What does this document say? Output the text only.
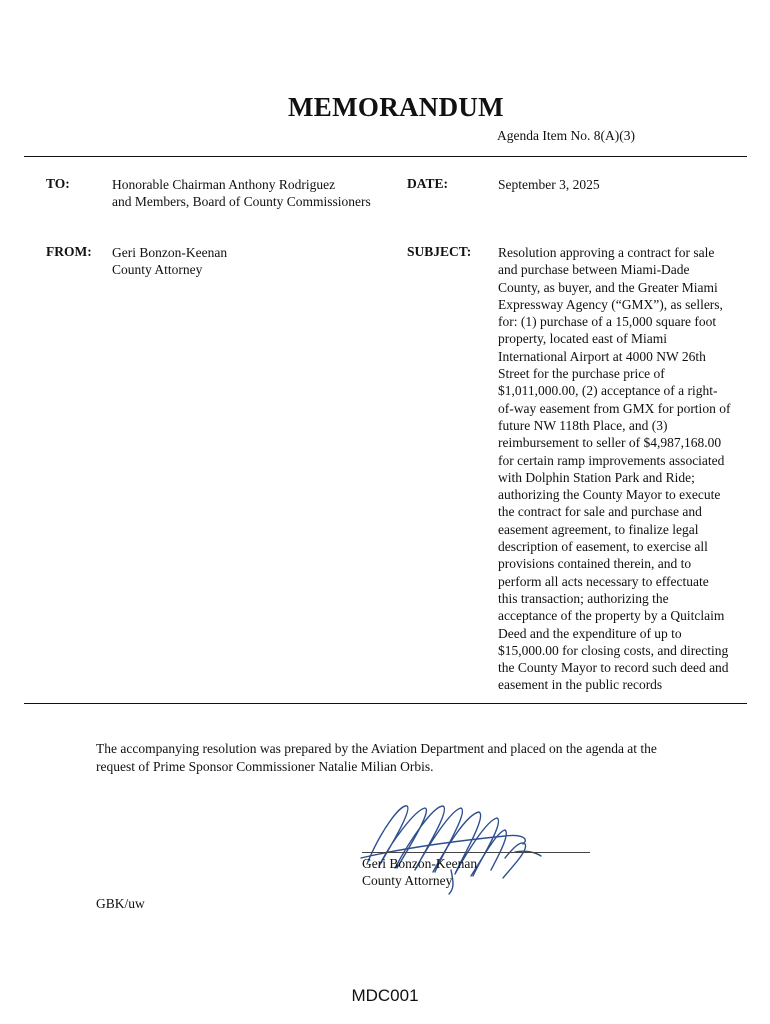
MEMORANDUM
Agenda Item No. 8(A)(3)
TO:	Honorable Chairman Anthony Rodriguez
and Members, Board of County Commissioners
DATE:	September 3, 2025
FROM: Geri Bonzon-Keenan
County Attorney
SUBJECT: Resolution approving a contract for sale
and purchase between Miami-Dade
County, as buyer, and the Greater Miami
Expressway Agency (“GMX”), as sellers,
for: (1) purchase of a 15,000 square foot
property, located east of Miami
International Airport at 4000 NW 26th
Street for the purchase price of
$1,011,000.00, (2) acceptance of a right-
of-way easement from GMX for portion of
future NW 118th Place, and (3)
reimbursement to seller of $4,987,168.00
for certain ramp improvements associated
with Dolphin Station Park and Ride;
authorizing the County Mayor to execute
the contract for sale and purchase and
easement agreement, to finalize legal
description of easement, to exercise all
provisions contained therein, and to
perform all acts necessary to effectuate
this transaction; authorizing the
acceptance of the property by a Quitclaim
Deed and the expenditure of up to
$15,000.00 for closing costs, and directing
the County Mayor to record such deed and
easement in the public records
The accompanying resolution was prepared by the Aviation Department and placed on the agenda at the
request of Prime Sponsor Commissioner Natalie Milian Orbis.
Geri Bonzon-Keenan
County Attorney
GBK/uw
MDC001
